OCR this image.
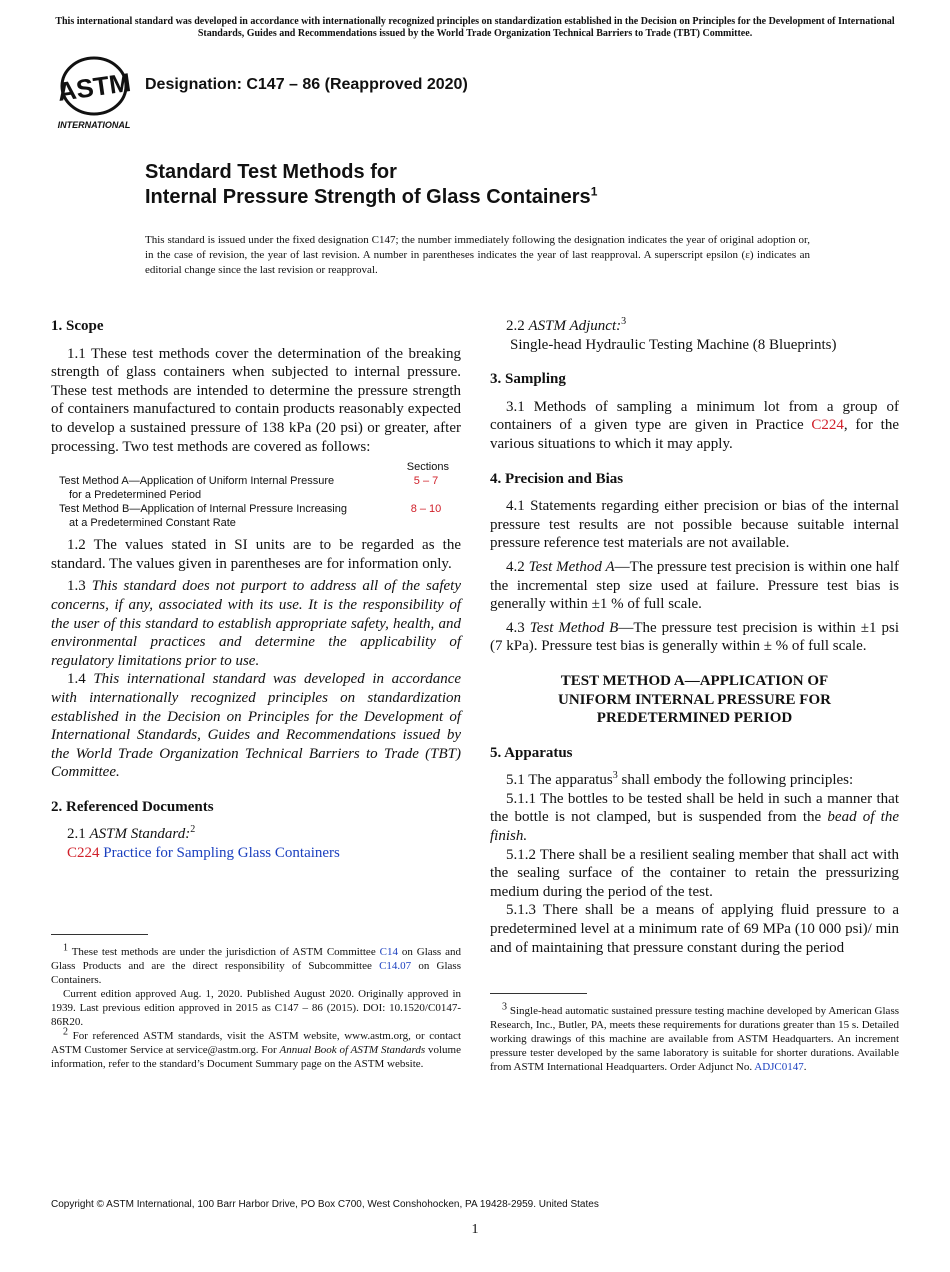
This international standard was developed in accordance with internationally recognized principles on standardization established in the Decision on Principles for the Development of International Standards, Guides and Recommendations issued by the World Trade Organization Technical Barriers to Trade (TBT) Committee.
ASTM
INTERNATIONAL
Designation: C147 – 86 (Reapproved 2020)
Standard Test Methods for
Internal Pressure Strength of Glass Containers$^1$
This standard is issued under the fixed designation C147; the number immediately following the designation indicates the year of original adoption or, in the case of revision, the year of last revision. A number in parentheses indicates the year of last reapproval. A superscript epsilon (ε) indicates an editorial change since the last revision or reapproval.
1. Scope

1.1 These test methods cover the determination of the breaking strength of glass containers when subjected to internal pressure. These test methods are intended to determine the pressure strength of containers manufactured to contain products reasonably expected to develop a sustained pressure of 138 kPa (20 psi) or greater, after processing. Two test methods are covered as follows:

Sections
Test Method A—Application of Uniform Internal Pressure
for a Predetermined Period
5 – 7
Test Method B—Application of Internal Pressure Increasing
at a Predetermined Constant Rate
8 – 10

1.2 The values stated in SI units are to be regarded as the standard. The values given in parentheses are for information only.

1.3 This standard does not purport to address all of the safety concerns, if any, associated with its use. It is the responsibility of the user of this standard to establish appropriate safety, health, and environmental practices and determine the applicability of regulatory limitations prior to use.

1.4 This international standard was developed in accordance with internationally recognized principles on standardization established in the Decision on Principles for the Development of International Standards, Guides and Recommendations issued by the World Trade Organization Technical Barriers to Trade (TBT) Committee.

2. Referenced Documents

2.1 ASTM Standard:$^2$

C224 Practice for Sampling Glass Containers

$^1$ These test methods are under the jurisdiction of ASTM Committee C14 on Glass and Glass Products and are the direct responsibility of Subcommittee C14.07 on Glass Containers.

Current edition approved Aug. 1, 2020. Published August 2020. Originally approved in 1939. Last previous edition approved in 2015 as C147 – 86 (2015). DOI: 10.1520/C0147-86R20.

$^2$ For referenced ASTM standards, visit the ASTM website, www.astm.org, or contact ASTM Customer Service at service@astm.org. For Annual Book of ASTM Standards volume information, refer to the standard’s Document Summary page on the ASTM website.

2.2 ASTM Adjunct:$^3$

Single-head Hydraulic Testing Machine (8 Blueprints)

3. Sampling

3.1 Methods of sampling a minimum lot from a group of containers of a given type are given in Practice C224, for the various situations to which it may apply.

4. Precision and Bias

4.1 Statements regarding either precision or bias of the internal pressure test results are not possible because suitable internal pressure reference test materials are not available.

4.2 Test Method A—The pressure test precision is within one half the incremental step size used at failure. Pressure test bias is generally within ±1 % of full scale.

4.3 Test Method B—The pressure test precision is within ±1 psi (7 kPa). Pressure test bias is generally within ± % of full scale.

TEST METHOD A—APPLICATION OF UNIFORM INTERNAL PRESSURE FOR PREDETERMINED PERIOD

5. Apparatus

5.1 The apparatus$^3$ shall embody the following principles:

5.1.1 The bottles to be tested shall be held in such a manner that the bottle is not clamped, but is suspended from the bead of the finish.

5.1.2 There shall be a resilient sealing member that shall act with the sealing surface of the container to retain the pressurizing medium during the period of the test.

5.1.3 There shall be a means of applying fluid pressure to a predetermined level at a minimum rate of 69 MPa (10 000 psi)/ min and of maintaining that pressure constant during the period

$^3$ Single-head automatic sustained pressure testing machine developed by American Glass Research, Inc., Butler, PA, meets these requirements for durations greater than 15 s. Detailed working drawings of this machine are available from ASTM Headquarters. An increment pressure tester developed by the same laboratory is suitable for shorter durations. Available from ASTM International Headquarters. Order Adjunct No. ADJC0147.

Copyright © ASTM International, 100 Barr Harbor Drive, PO Box C700, West Conshohocken, PA 19428-2959. United States
1
